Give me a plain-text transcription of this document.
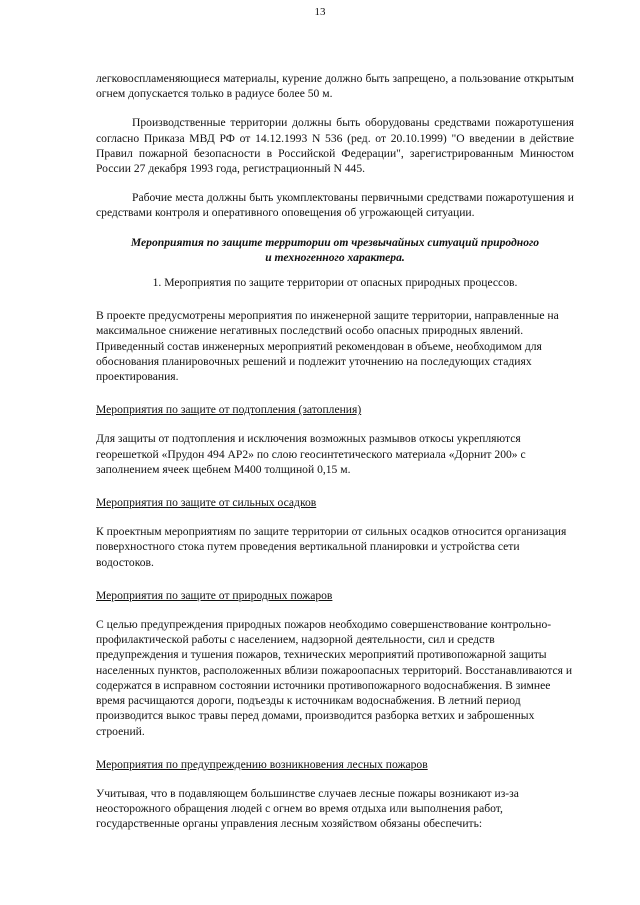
13

легковоспламеняющиеся материалы, курение должно быть запрещено, а пользование открытым огнем допускается только в радиусе более 50 м.

Производственные территории должны быть оборудованы средствами пожаротушения согласно Приказа МВД РФ от 14.12.1993 N 536 (ред. от 20.10.1999) "О введении в действие Правил пожарной безопасности в Российской Федерации", зарегистрированным Минюстом России 27 декабря 1993 года, регистрационный N 445.

Рабочие места должны быть укомплектованы первичными средствами пожаротушения и средствами контроля и оперативного оповещения об угрожающей ситуации.

Мероприятия по защите территории от чрезвычайных ситуаций природного
и техногенного характера.

1. Мероприятия по защите территории от опасных природных процессов.

В проекте предусмотрены мероприятия по инженерной защите территории, направленные на максимальное снижение негативных последствий особо опасных природных явлений. Приведенный состав инженерных мероприятий рекомендован в объеме, необходимом для обоснования планировочных решений и подлежит уточнению на последующих стадиях проектирования.

Мероприятия по защите от подтопления (затопления)

Для защиты от подтопления и исключения возможных размывов откосы укрепляются георешеткой «Прудон 494 АР2» по слою геосинтетического материала «Дорнит 200» с заполнением ячеек щебнем М400 толщиной 0,15 м.

Мероприятия по защите от сильных осадков

К проектным мероприятиям по защите территории от сильных осадков относится организация поверхностного стока путем проведения вертикальной планировки и устройства сети водостоков.

Мероприятия по защите от природных пожаров

С целью предупреждения природных пожаров необходимо совершенствование контрольно-профилактической работы с населением, надзорной деятельности, сил и средств предупреждения и тушения пожаров, технических мероприятий противопожарной защиты населенных пунктов, расположенных вблизи пожароопасных территорий. Восстанавливаются и содержатся в исправном состоянии источники противопожарного водоснабжения. В зимнее время расчищаются дороги, подъезды к источникам водоснабжения. В летний период производится выкос травы перед домами, производится разборка ветхих и заброшенных строений.

Мероприятия по предупреждению возникновения лесных пожаров

Учитывая, что в подавляющем большинстве случаев лесные пожары возникают из-за неосторожного обращения людей с огнем во время отдыха или выполнения работ, государственные органы управления лесным хозяйством обязаны обеспечить:
